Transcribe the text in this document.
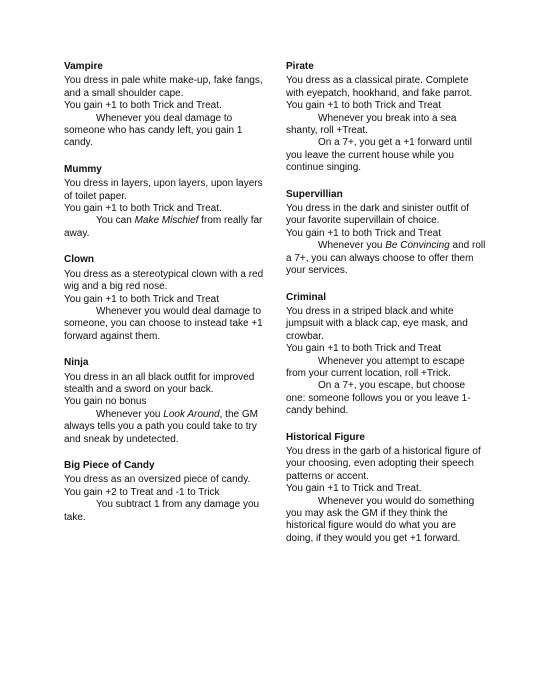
Vampire

You dress in pale white make-up, fake fangs, and a small shoulder cape.

You gain +1 to both Trick and Treat.

Whenever you deal damage to someone who has candy left, you gain 1 candy.

Mummy

You dress in layers, upon layers, upon layers of toilet paper.

You gain +1 to both Trick and Treat.

You can Make Mischief from really far away.

Clown

You dress as a stereotypical clown with a red wig and a big red nose.

You gain +1 to both Trick and Treat

Whenever you would deal damage to someone, you can choose to instead take +1 forward against them.

Ninja

You dress in an all black outfit for improved stealth and a sword on your back.

You gain no bonus

Whenever you Look Around, the GM always tells you a path you could take to try and sneak by undetected.

Big Piece of Candy

You dress as an oversized piece of candy.

You gain +2 to Treat and -1 to Trick

You subtract 1 from any damage you take.

Pirate

You dress as a classical pirate. Complete with eyepatch, hookhand, and fake parrot.

You gain +1 to both Trick and Treat

Whenever you break into a sea shanty, roll +Treat.

On a 7+, you get a +1 forward until you leave the current house while you continue singing.

Supervillian

You dress in the dark and sinister outfit of your favorite supervillain of choice.

You gain +1 to both Trick and Treat

Whenever you Be Convincing and roll a 7+, you can always choose to offer them your services.

Criminal

You dress in a striped black and white jumpsuit with a black cap, eye mask, and crowbar.

You gain +1 to both Trick and Treat

Whenever you attempt to escape from your current location, roll +Trick.

On a 7+, you escape, but choose one: someone follows you or you leave 1-candy behind.

Historical Figure

You dress in the garb of a historical figure of your choosing, even adopting their speech patterns or accent.

You gain +1 to Trick and Treat.

Whenever you would do something you may ask the GM if they think the historical figure would do what you are doing, if they would you get +1 forward.
